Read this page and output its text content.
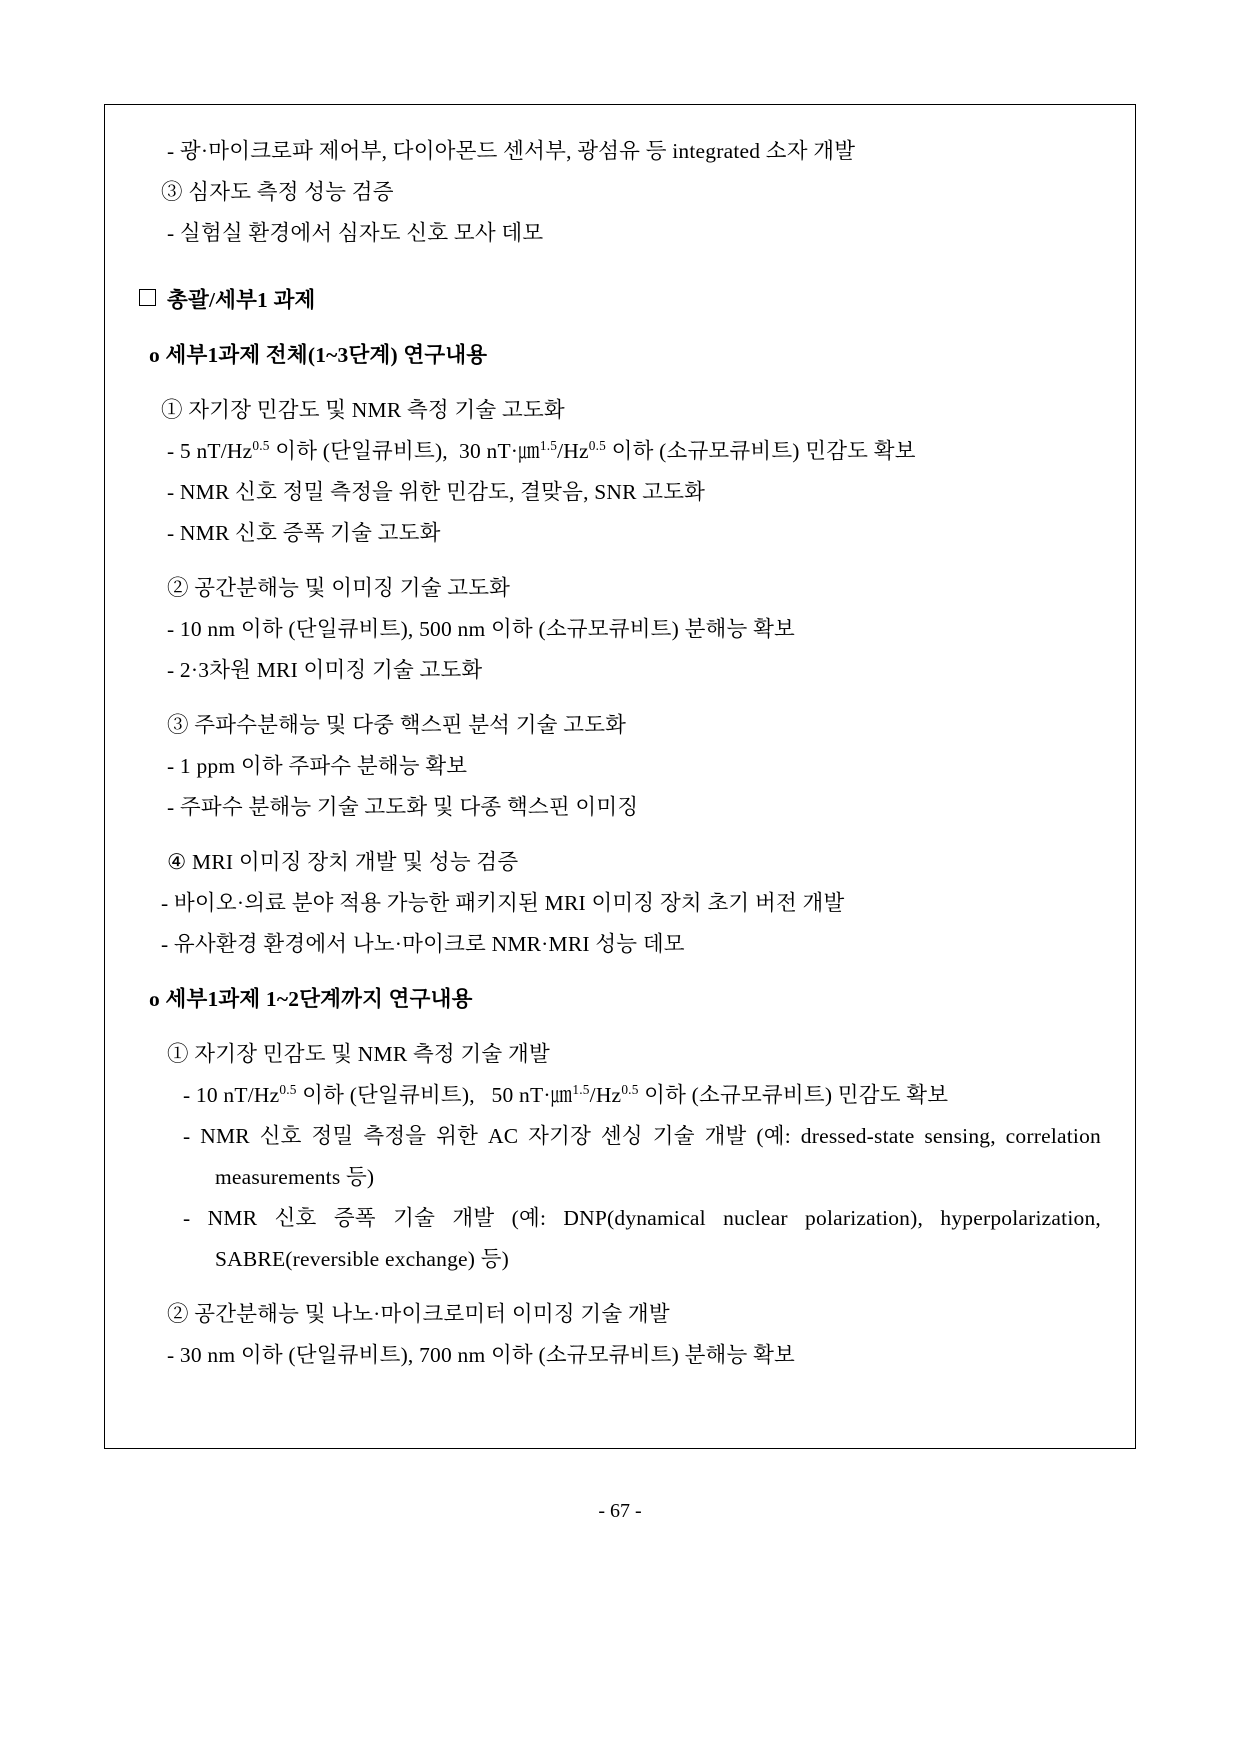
- 광·마이크로파 제어부, 다이아몬드 센서부, 광섬유 등 integrated 소자 개발
③ 심자도 측정 성능 검증
- 실험실 환경에서 심자도 신호 모사 데모
총괄/세부1 과제
o 세부1과제 전체(1~3단계) 연구내용
① 자기장 민감도 및 NMR 측정 기술 고도화
- 5 $nT/Hz^{0.5}$ 이하 (단일큐비트),  30 $nT\cdot㎛^{1.5}/Hz^{0.5}$ 이하 (소규모큐비트) 민감도 확보
- NMR 신호 정밀 측정을 위한 민감도, 결맞음, SNR 고도화
- NMR 신호 증폭 기술 고도화
② 공간분해능 및 이미징 기술 고도화
- 10 nm 이하 (단일큐비트), 500 nm 이하 (소규모큐비트) 분해능 확보
- 2·3차원 MRI 이미징 기술 고도화
③ 주파수분해능 및 다중 핵스핀 분석 기술 고도화
- 1 ppm 이하 주파수 분해능 확보
- 주파수 분해능 기술 고도화 및 다종 핵스핀 이미징
④ MRI 이미징 장치 개발 및 성능 검증
- 바이오·의료 분야 적용 가능한 패키지된 MRI 이미징 장치 초기 버전 개발
- 유사환경 환경에서 나노·마이크로 NMR·MRI 성능 데모
o 세부1과제 1~2단계까지 연구내용
① 자기장 민감도 및 NMR 측정 기술 개발
- 10 $nT/Hz^{0.5}$ 이하 (단일큐비트),   50 $nT\cdot㎛^{1.5}/Hz^{0.5}$ 이하 (소규모큐비트) 민감도 확보
- NMR 신호 정밀 측정을 위한 AC 자기장 센싱 기술 개발 (예: dressed-state sensing, correlation measurements 등)
- NMR 신호 증폭 기술 개발 (예: DNP(dynamical nuclear polarization), hyperpolarization, SABRE(reversible exchange) 등)
② 공간분해능 및 나노·마이크로미터 이미징 기술 개발
- 30 nm 이하 (단일큐비트), 700 nm 이하 (소규모큐비트) 분해능 확보
- 67 -
